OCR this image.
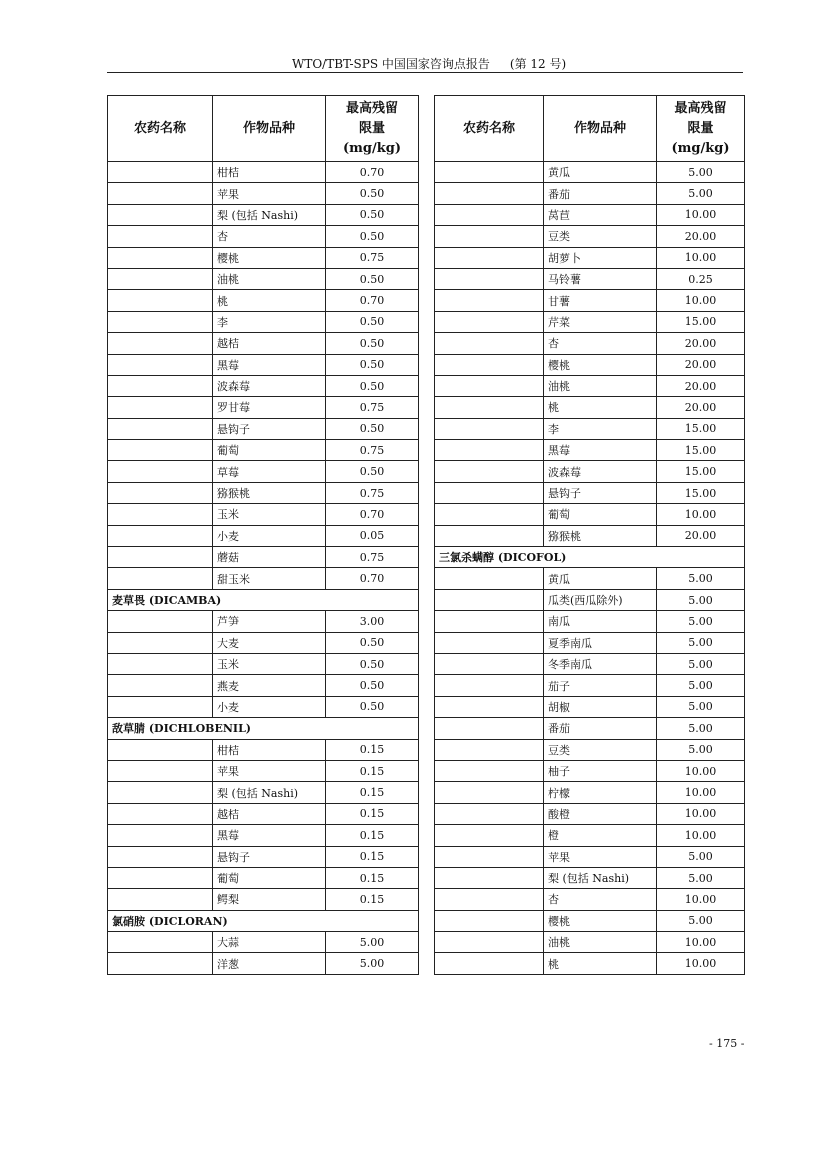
WTO/TBT-SPS 中国国家咨询点报告 (第 12 号)
农药名称	作物品种	最高残留
限量
(mg/kg)

	柑桔	0.70
	苹果	0.50
	梨 (包括 Nashi)	0.50
	杏	0.50
	樱桃	0.75
	油桃	0.50
	桃	0.70
	李	0.50
	越桔	0.50
	黑莓	0.50
	波森莓	0.50
	罗甘莓	0.75
	悬钩子	0.50
	葡萄	0.75
	草莓	0.50
	猕猴桃	0.75
	玉米	0.70
	小麦	0.05
	蘑菇	0.75
	甜玉米	0.70
麦草畏 (DICAMBA)		
	芦笋	3.00
	大麦	0.50
	玉米	0.50
	燕麦	0.50
	小麦	0.50
敌草腈 (DICHLOBENIL)		
	柑桔	0.15
	苹果	0.15
	梨 (包括 Nashi)	0.15
	越桔	0.15
	黑莓	0.15
	悬钩子	0.15
	葡萄	0.15
	鳄梨	0.15
氯硝胺 (DICLORAN)		
	大蒜	5.00
	洋葱	5.00
农药名称	作物品种	最高残留
限量
(mg/kg)

	黄瓜	5.00
	番茄	5.00
	莴苣	10.00
	豆类	20.00
	胡萝卜	10.00
	马铃薯	0.25
	甘薯	10.00
	芹菜	15.00
	杏	20.00
	樱桃	20.00
	油桃	20.00
	桃	20.00
	李	15.00
	黑莓	15.00
	波森莓	15.00
	悬钩子	15.00
	葡萄	10.00
	猕猴桃	20.00
三氯杀螨醇 (DICOFOL)		
	黄瓜	5.00
	瓜类(西瓜除外)	5.00
	南瓜	5.00
	夏季南瓜	5.00
	冬季南瓜	5.00
	茄子	5.00
	胡椒	5.00
	番茄	5.00
	豆类	5.00
	柚子	10.00
	柠檬	10.00
	酸橙	10.00
	橙	10.00
	苹果	5.00
	梨 (包括 Nashi)	5.00
	杏	10.00
	樱桃	5.00
	油桃	10.00
	桃	10.00
- 175 -
